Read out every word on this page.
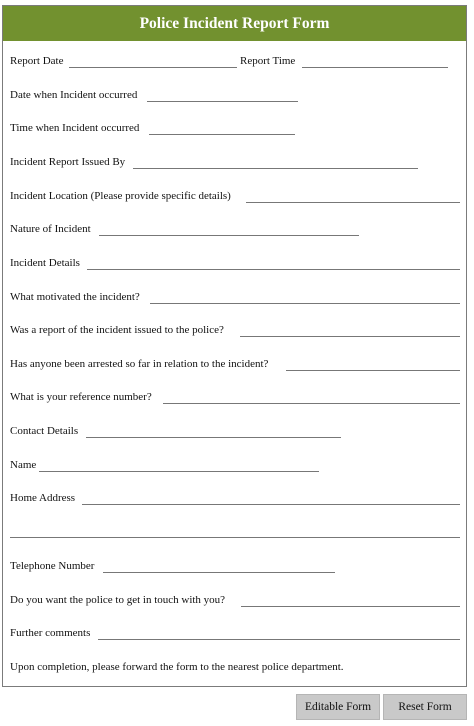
Police Incident Report Form
Report Date	Report Time
Date when Incident occurred
Time when Incident occurred
Incident Report Issued By
Incident Location (Please provide specific details)
Nature of Incident
Incident Details
What motivated the incident?
Was a report of the incident issued to the police?
Has anyone been arrested so far in relation to the incident?
What is your reference number?
Contact Details
Name
Home Address
Telephone Number
Do you want the police to get in touch with you?
Further comments
Upon completion, please forward the form to the nearest police department.
Editable Form	Reset Form
